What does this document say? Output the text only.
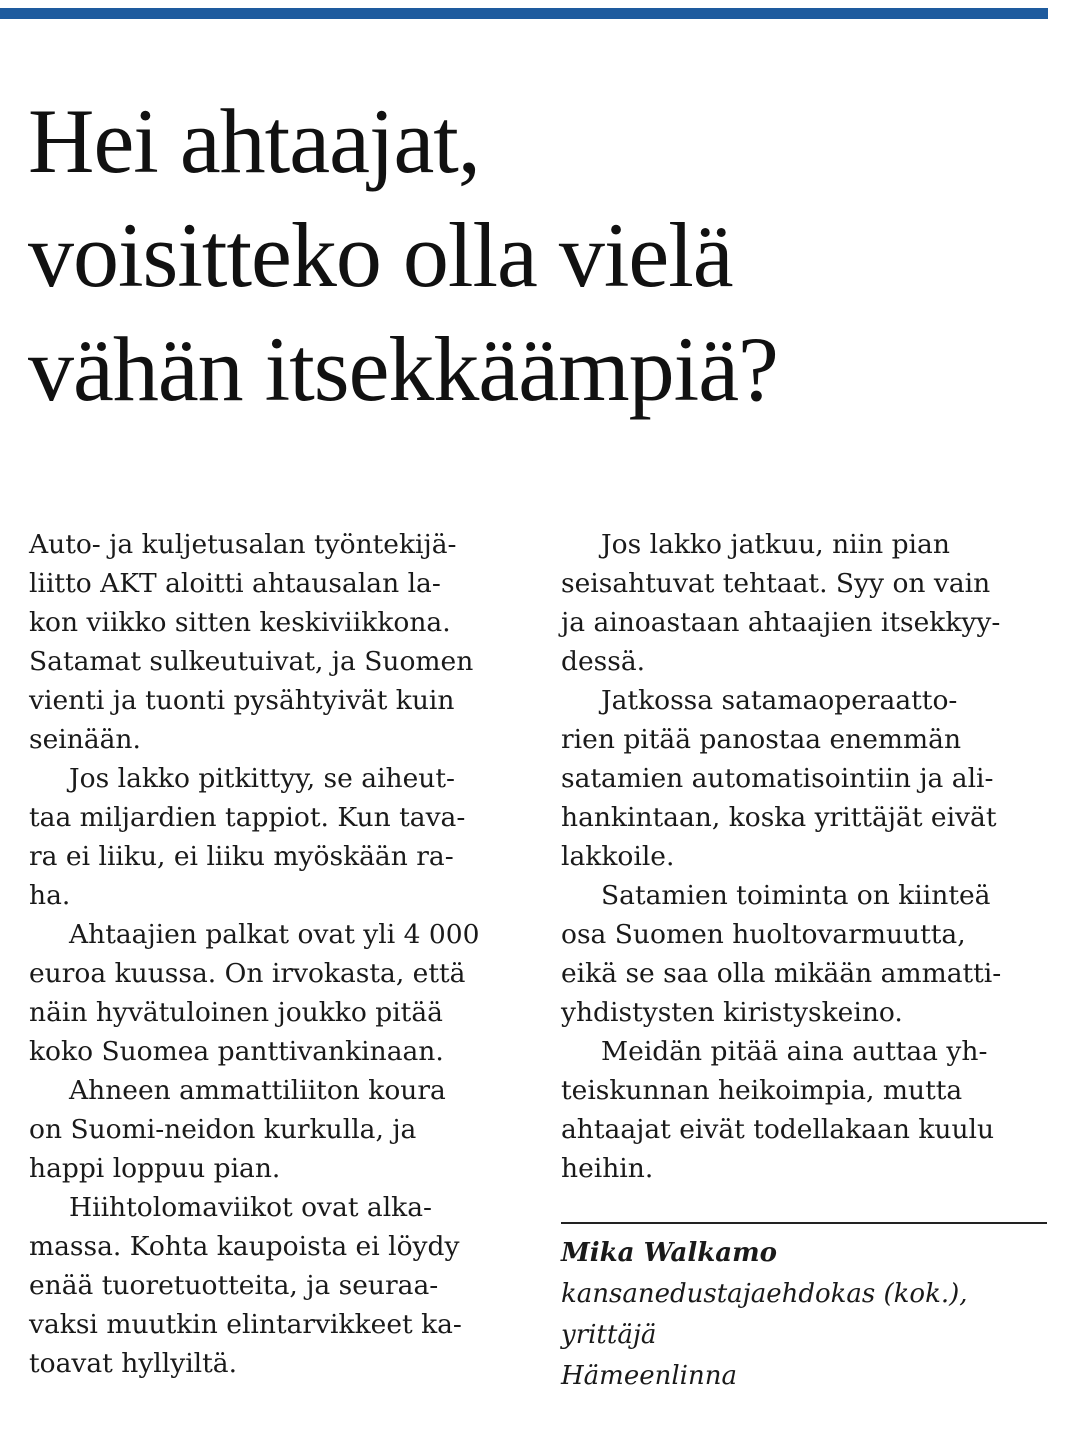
Hei ahtaajat,
voisitteko olla vielä
vähän itsekkäämpiä?

Auto- ja kuljetusalan työntekijä-
liitto AKT aloitti ahtausalan la-
kon viikko sitten keskiviikkona.
Satamat sulkeutuivat, ja Suomen
vienti ja tuonti pysähtyivät kuin
seinään.

Jos lakko pitkittyy, se aiheut-
taa miljardien tappiot. Kun tava-
ra ei liiku, ei liiku myöskään ra-
ha.

Ahtaajien palkat ovat yli 4 000
euroa kuussa. On irvokasta, että
näin hyvätuloinen joukko pitää
koko Suomea panttivankinaan.

Ahneen ammattiliiton koura
on Suomi-neidon kurkulla, ja
happi loppuu pian.

Hiihtolomaviikot ovat alka-
massa. Kohta kaupoista ei löydy
enää tuoretuotteita, ja seuraa-
vaksi muutkin elintarvikkeet ka-
toavat hyllyiltä.

Jos lakko jatkuu, niin pian
seisahtuvat tehtaat. Syy on vain
ja ainoastaan ahtaajien itsekkyy-
dessä.

Jatkossa satamaoperaatto-
rien pitää panostaa enemmän
satamien automatisointiin ja ali-
hankintaan, koska yrittäjät eivät
lakkoile.

Satamien toiminta on kiinteä
osa Suomen huoltovarmuutta,
eikä se saa olla mikään ammatti-
yhdistysten kiristyskeino.

Meidän pitää aina auttaa yh-
teiskunnan heikoimpia, mutta
ahtaajat eivät todellakaan kuulu
heihin.

Mika Walkamo
kansanedustajaehdokas (kok.),
yrittäjä
Hämeenlinna
